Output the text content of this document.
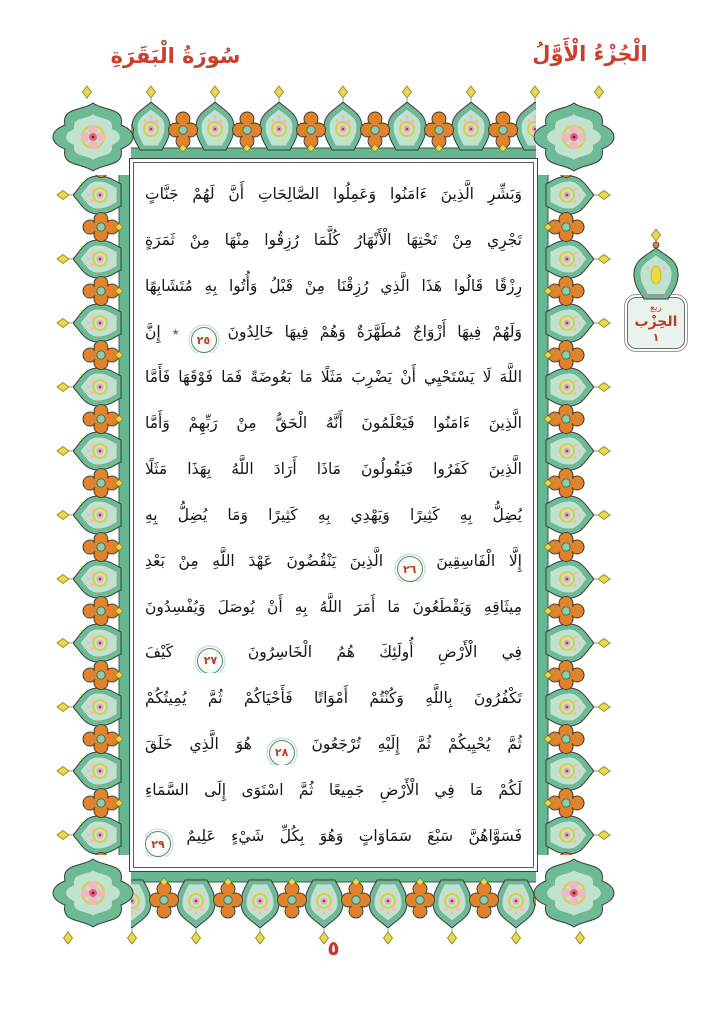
سُورَةُ الْبَقَرَةِ	الْجُزْءُ الْأَوَّلُ
وَبَشِّرِ الَّذِينَ ءَامَنُوا وَعَمِلُوا الصَّالِحَاتِ أَنَّ لَهُمْ جَنَّاتٍ
تَجْرِي مِنْ تَحْتِهَا الْأَنْهَارُ كُلَّمَا رُزِقُوا مِنْهَا مِنْ ثَمَرَةٍ
رِزْقًا قَالُوا هَذَا الَّذِي رُزِقْنَا مِنْ قَبْلُ وَأُتُوا بِهِ مُتَشَابِهًا
وَلَهُمْ فِيهَا أَزْوَاجٌ مُطَهَّرَةٌ وَهُمْ فِيهَا خَالِدُونَ ٢٥ ٭ إِنَّ
اللَّهَ لَا يَسْتَحْيِي أَنْ يَضْرِبَ مَثَلًا مَا بَعُوضَةً فَمَا فَوْقَهَا فَأَمَّا
الَّذِينَ ءَامَنُوا فَيَعْلَمُونَ أَنَّهُ الْحَقُّ مِنْ رَبِّهِمْ وَأَمَّا
الَّذِينَ كَفَرُوا فَيَقُولُونَ مَاذَا أَرَادَ اللَّهُ بِهَذَا مَثَلًا
يُضِلُّ بِهِ كَثِيرًا وَيَهْدِي بِهِ كَثِيرًا وَمَا يُضِلُّ بِهِ
إِلَّا الْفَاسِقِينَ ٢٦ الَّذِينَ يَنْقُضُونَ عَهْدَ اللَّهِ مِنْ بَعْدِ
مِيثَاقِهِ وَيَقْطَعُونَ مَا أَمَرَ اللَّهُ بِهِ أَنْ يُوصَلَ وَيُفْسِدُونَ
فِي الْأَرْضِ أُولَئِكَ هُمُ الْخَاسِرُونَ ٢٧ كَيْفَ
تَكْفُرُونَ بِاللَّهِ وَكُنْتُمْ أَمْوَاتًا فَأَحْيَاكُمْ ثُمَّ يُمِيتُكُمْ
ثُمَّ يُحْيِيكُمْ ثُمَّ إِلَيْهِ تُرْجَعُونَ ٢٨ هُوَ الَّذِي خَلَقَ
لَكُمْ مَا فِي الْأَرْضِ جَمِيعًا ثُمَّ اسْتَوَى إِلَى السَّمَاءِ
فَسَوَّاهُنَّ سَبْعَ سَمَاوَاتٍ وَهُوَ بِكُلِّ شَيْءٍ عَلِيمٌ ٢٩
ربع
الحِزْب
١
٥
